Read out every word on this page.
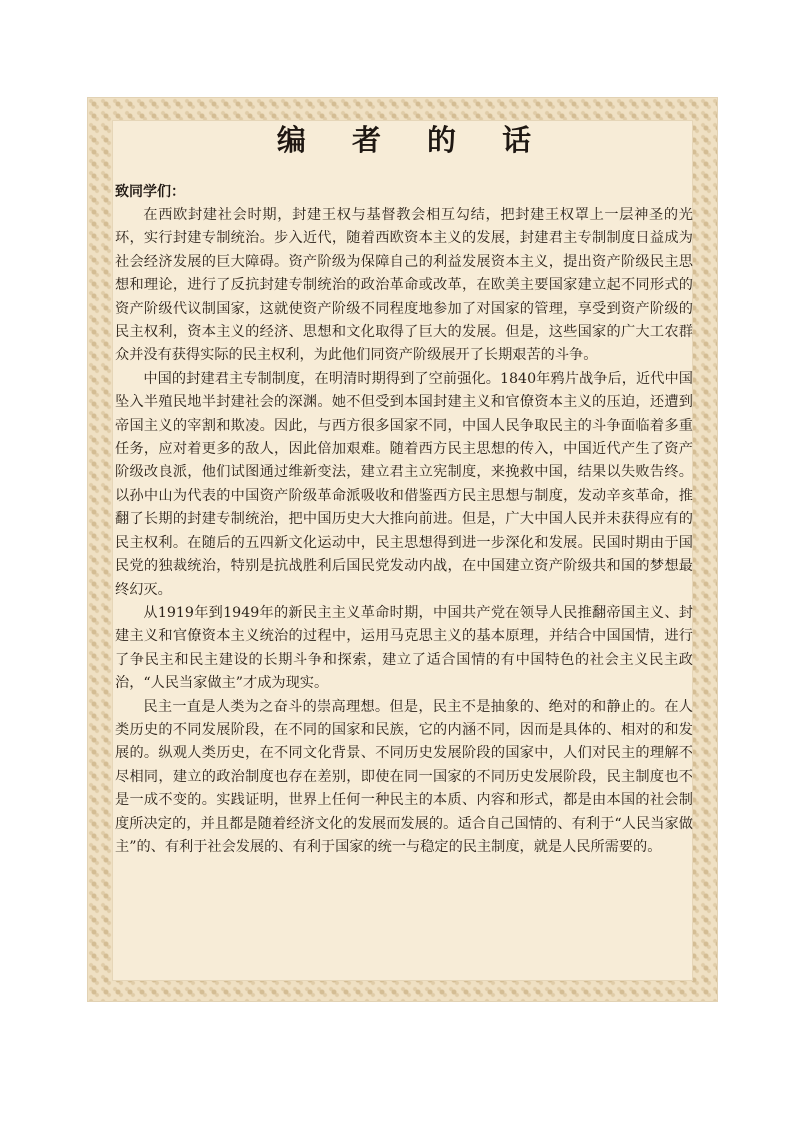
编 者 的 话

致同学们：

在西欧封建社会时期，封建王权与基督教会相互勾结，把封建王权罩上一层神圣的光环，实行封建专制统治。步入近代，随着西欧资本主义的发展，封建君主专制制度日益成为社会经济发展的巨大障碍。资产阶级为保障自己的利益发展资本主义，提出资产阶级民主思想和理论，进行了反抗封建专制统治的政治革命或改革，在欧美主要国家建立起不同形式的资产阶级代议制国家，这就使资产阶级不同程度地参加了对国家的管理，享受到资产阶级的民主权利，资本主义的经济、思想和文化取得了巨大的发展。但是，这些国家的广大工农群众并没有获得实际的民主权利，为此他们同资产阶级展开了长期艰苦的斗争。

中国的封建君主专制制度，在明清时期得到了空前强化。1840年鸦片战争后，近代中国坠入半殖民地半封建社会的深渊。她不但受到本国封建主义和官僚资本主义的压迫，还遭到帝国主义的宰割和欺凌。因此，与西方很多国家不同，中国人民争取民主的斗争面临着多重任务，应对着更多的敌人，因此倍加艰难。随着西方民主思想的传入，中国近代产生了资产阶级改良派，他们试图通过维新变法，建立君主立宪制度，来挽救中国，结果以失败告终。以孙中山为代表的中国资产阶级革命派吸收和借鉴西方民主思想与制度，发动辛亥革命，推翻了长期的封建专制统治，把中国历史大大推向前进。但是，广大中国人民并未获得应有的民主权利。在随后的五四新文化运动中，民主思想得到进一步深化和发展。民国时期由于国民党的独裁统治，特别是抗战胜利后国民党发动内战，在中国建立资产阶级共和国的梦想最终幻灭。

从1919年到1949年的新民主主义革命时期，中国共产党在领导人民推翻帝国主义、封建主义和官僚资本主义统治的过程中，运用马克思主义的基本原理，并结合中国国情，进行了争民主和民主建设的长期斗争和探索，建立了适合国情的有中国特色的社会主义民主政治，“人民当家做主”才成为现实。

民主一直是人类为之奋斗的崇高理想。但是，民主不是抽象的、绝对的和静止的。在人类历史的不同发展阶段，在不同的国家和民族，它的内涵不同，因而是具体的、相对的和发展的。纵观人类历史，在不同文化背景、不同历史发展阶段的国家中，人们对民主的理解不尽相同，建立的政治制度也存在差别，即使在同一国家的不同历史发展阶段，民主制度也不是一成不变的。实践证明，世界上任何一种民主的本质、内容和形式，都是由本国的社会制度所决定的，并且都是随着经济文化的发展而发展的。适合自己国情的、有利于“人民当家做主”的、有利于社会发展的、有利于国家的统一与稳定的民主制度，就是人民所需要的。
